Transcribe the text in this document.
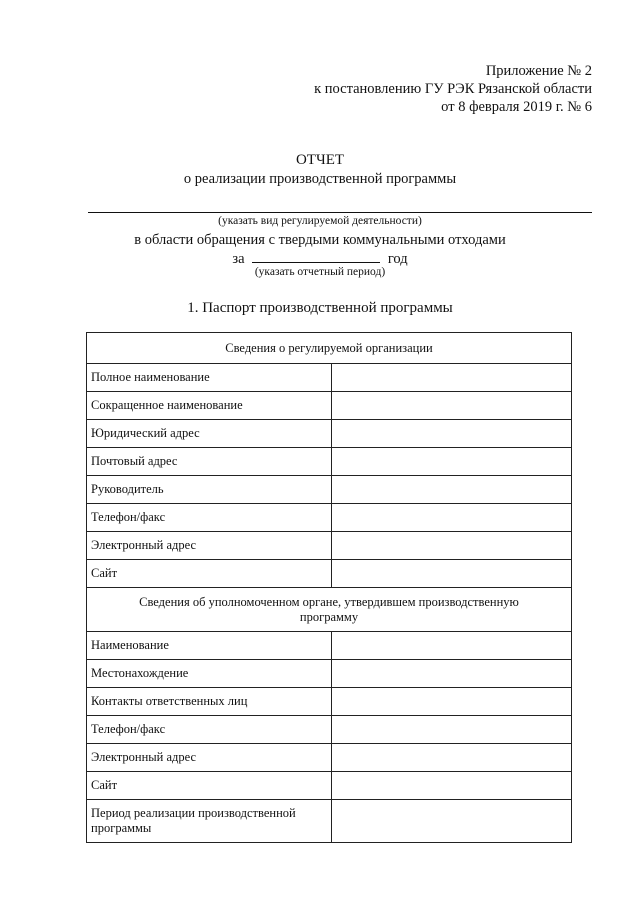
Приложение № 2
к постановлению ГУ РЭК Рязанской области
от 8 февраля 2019 г. № 6
ОТЧЕТ
о реализации производственной программы
(указать вид регулируемой деятельности)
в области обращения с твердыми коммунальными отходами
за	год
(указать отчетный период)
1. Паспорт производственной программы
Сведения о регулируемой организации	
Полное наименование	
Сокращенное наименование	
Юридический адрес	
Почтовый адрес	
Руководитель	
Телефон/факс	
Электронный адрес	
Сайт	

Сведения об уполномоченном органе, утвердившем производственную
программу	

Наименование	
Местонахождение	
Контакты ответственных лиц	
Телефон/факс	
Электронный адрес	
Сайт	

Период реализации производственной
программы	
